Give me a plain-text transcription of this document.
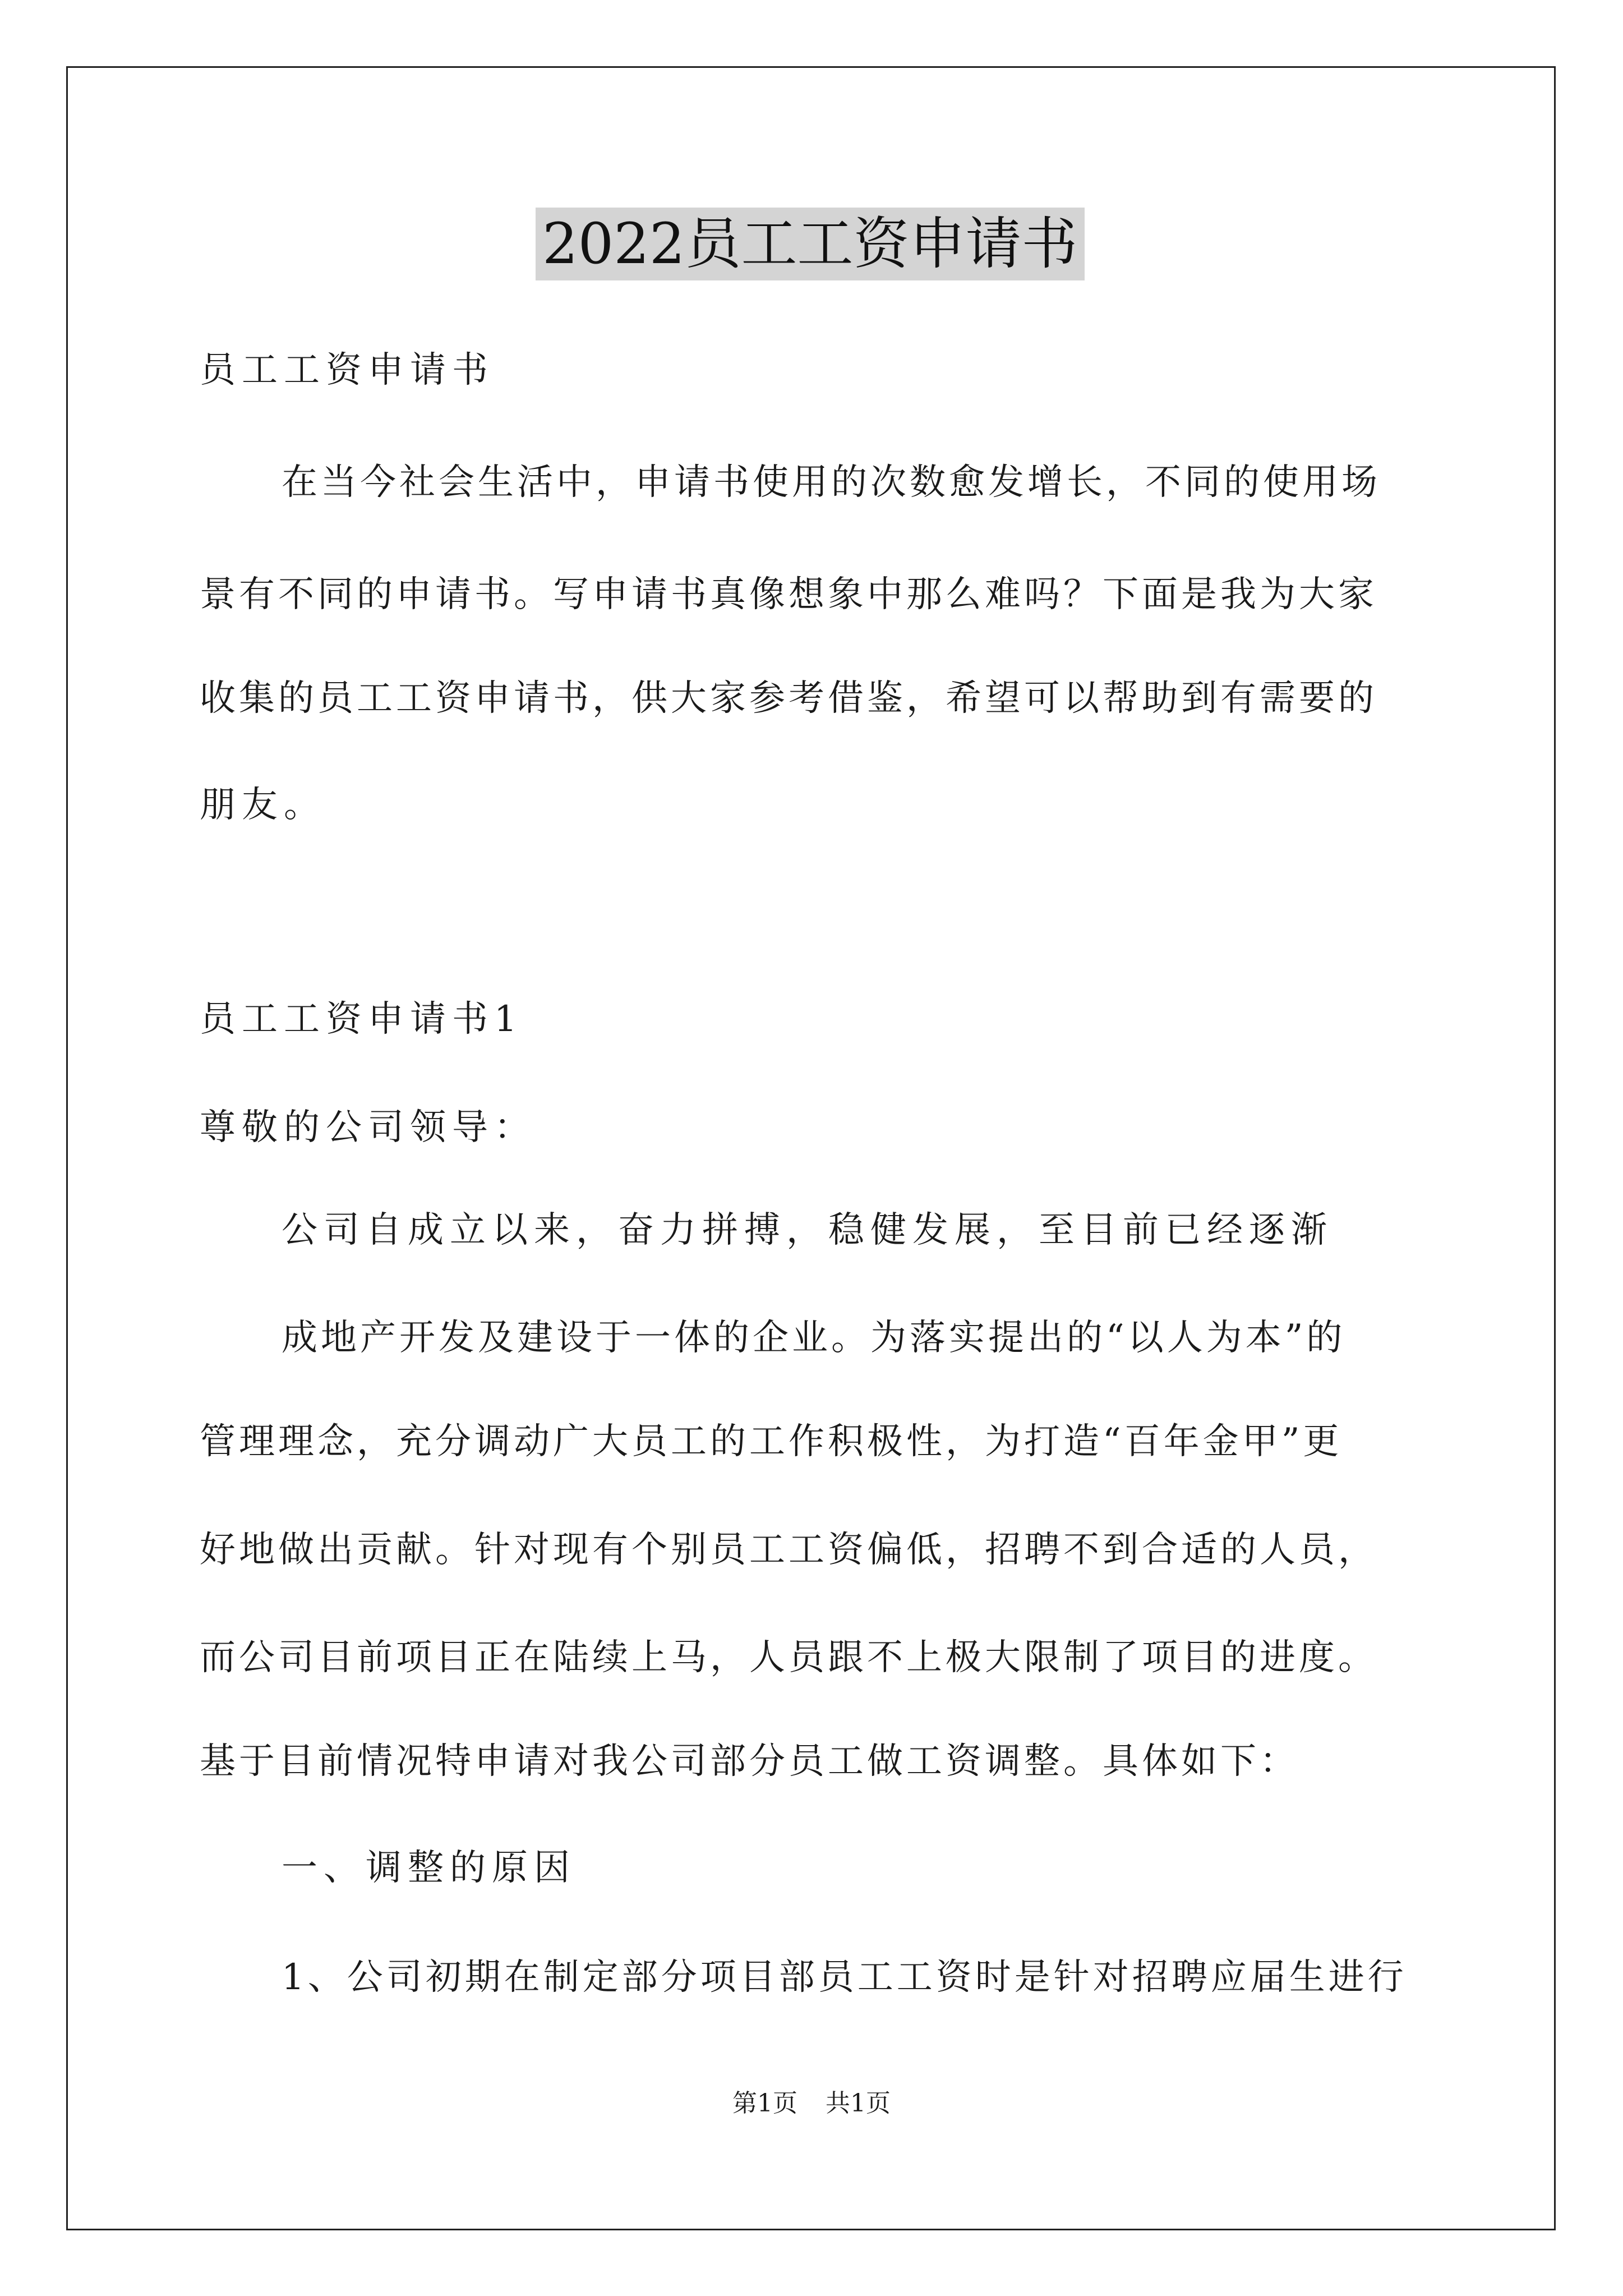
2022员工工资申请书
员工工资申请书
在当今社会生活中，申请书使用的次数愈发增长，不同的使用场
景有不同的申请书。写申请书真像想象中那么难吗？下面是我为大家
收集的员工工资申请书，供大家参考借鉴，希望可以帮助到有需要的
朋友。
员工工资申请书1
尊敬的公司领导：
公司自成立以来，奋力拼搏，稳健发展，至目前已经逐渐
成地产开发及建设于一体的企业。为落实提出的“以人为本”的
管理理念，充分调动广大员工的工作积极性，为打造“百年金甲”更
好地做出贡献。针对现有个别员工工资偏低，招聘不到合适的人员，
而公司目前项目正在陆续上马，人员跟不上极大限制了项目的进度。
基于目前情况特申请对我公司部分员工做工资调整。具体如下：
一、调整的原因
1、公司初期在制定部分项目部员工工资时是针对招聘应届生进行
第1页 共1页
